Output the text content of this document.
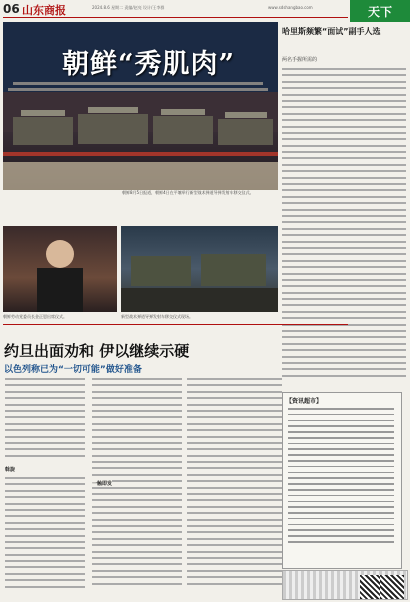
06 山东商报	2024.8.6 星期二 责编/赵亮 设计/王李群	www.sdshangbao.com	天下
朝鲜“秀肌肉”
朝鲜8月5日报道，朝鲜4日在平壤举行新型战术弹道导弹发射车移交仪式。
朝鲜劳动党委员长金正恩出席仪式。	新型战术弹道导弹发射车移交仪式现场。
哈里斯频繁“面试”副手人选
两名手握所需的
约旦出面劝和 伊以继续示硬
以色列称已为“一切可能”做好准备
斡旋
一触即发
【资讯超市】
